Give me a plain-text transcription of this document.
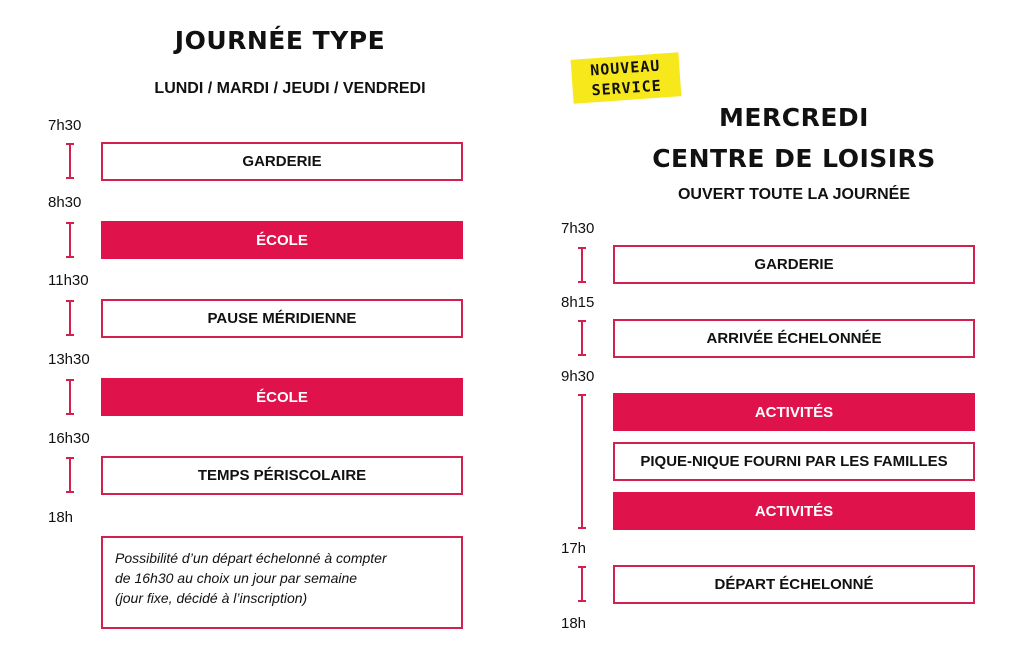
JOURNÉE TYPE
LUNDI / MARDI / JEUDI / VENDREDI
7h30
8h30
11h30
13h30
16h30
18h
GARDERIE
ÉCOLE
PAUSE MÉRIDIENNE
ÉCOLE
TEMPS PÉRISCOLAIRE
Possibilité d’un départ échelonné à compter
de 16h30 au choix un jour par semaine
(jour fixe, décidé à l’inscription)
NOUVEAU
SERVICE
MERCREDI
CENTRE DE LOISIRS
OUVERT TOUTE LA JOURNÉE
7h30
8h15
9h30
17h
18h
GARDERIE
ARRIVÉE ÉCHELONNÉE
ACTIVITÉS
PIQUE-NIQUE FOURNI PAR LES FAMILLES
ACTIVITÉS
DÉPART ÉCHELONNÉ
